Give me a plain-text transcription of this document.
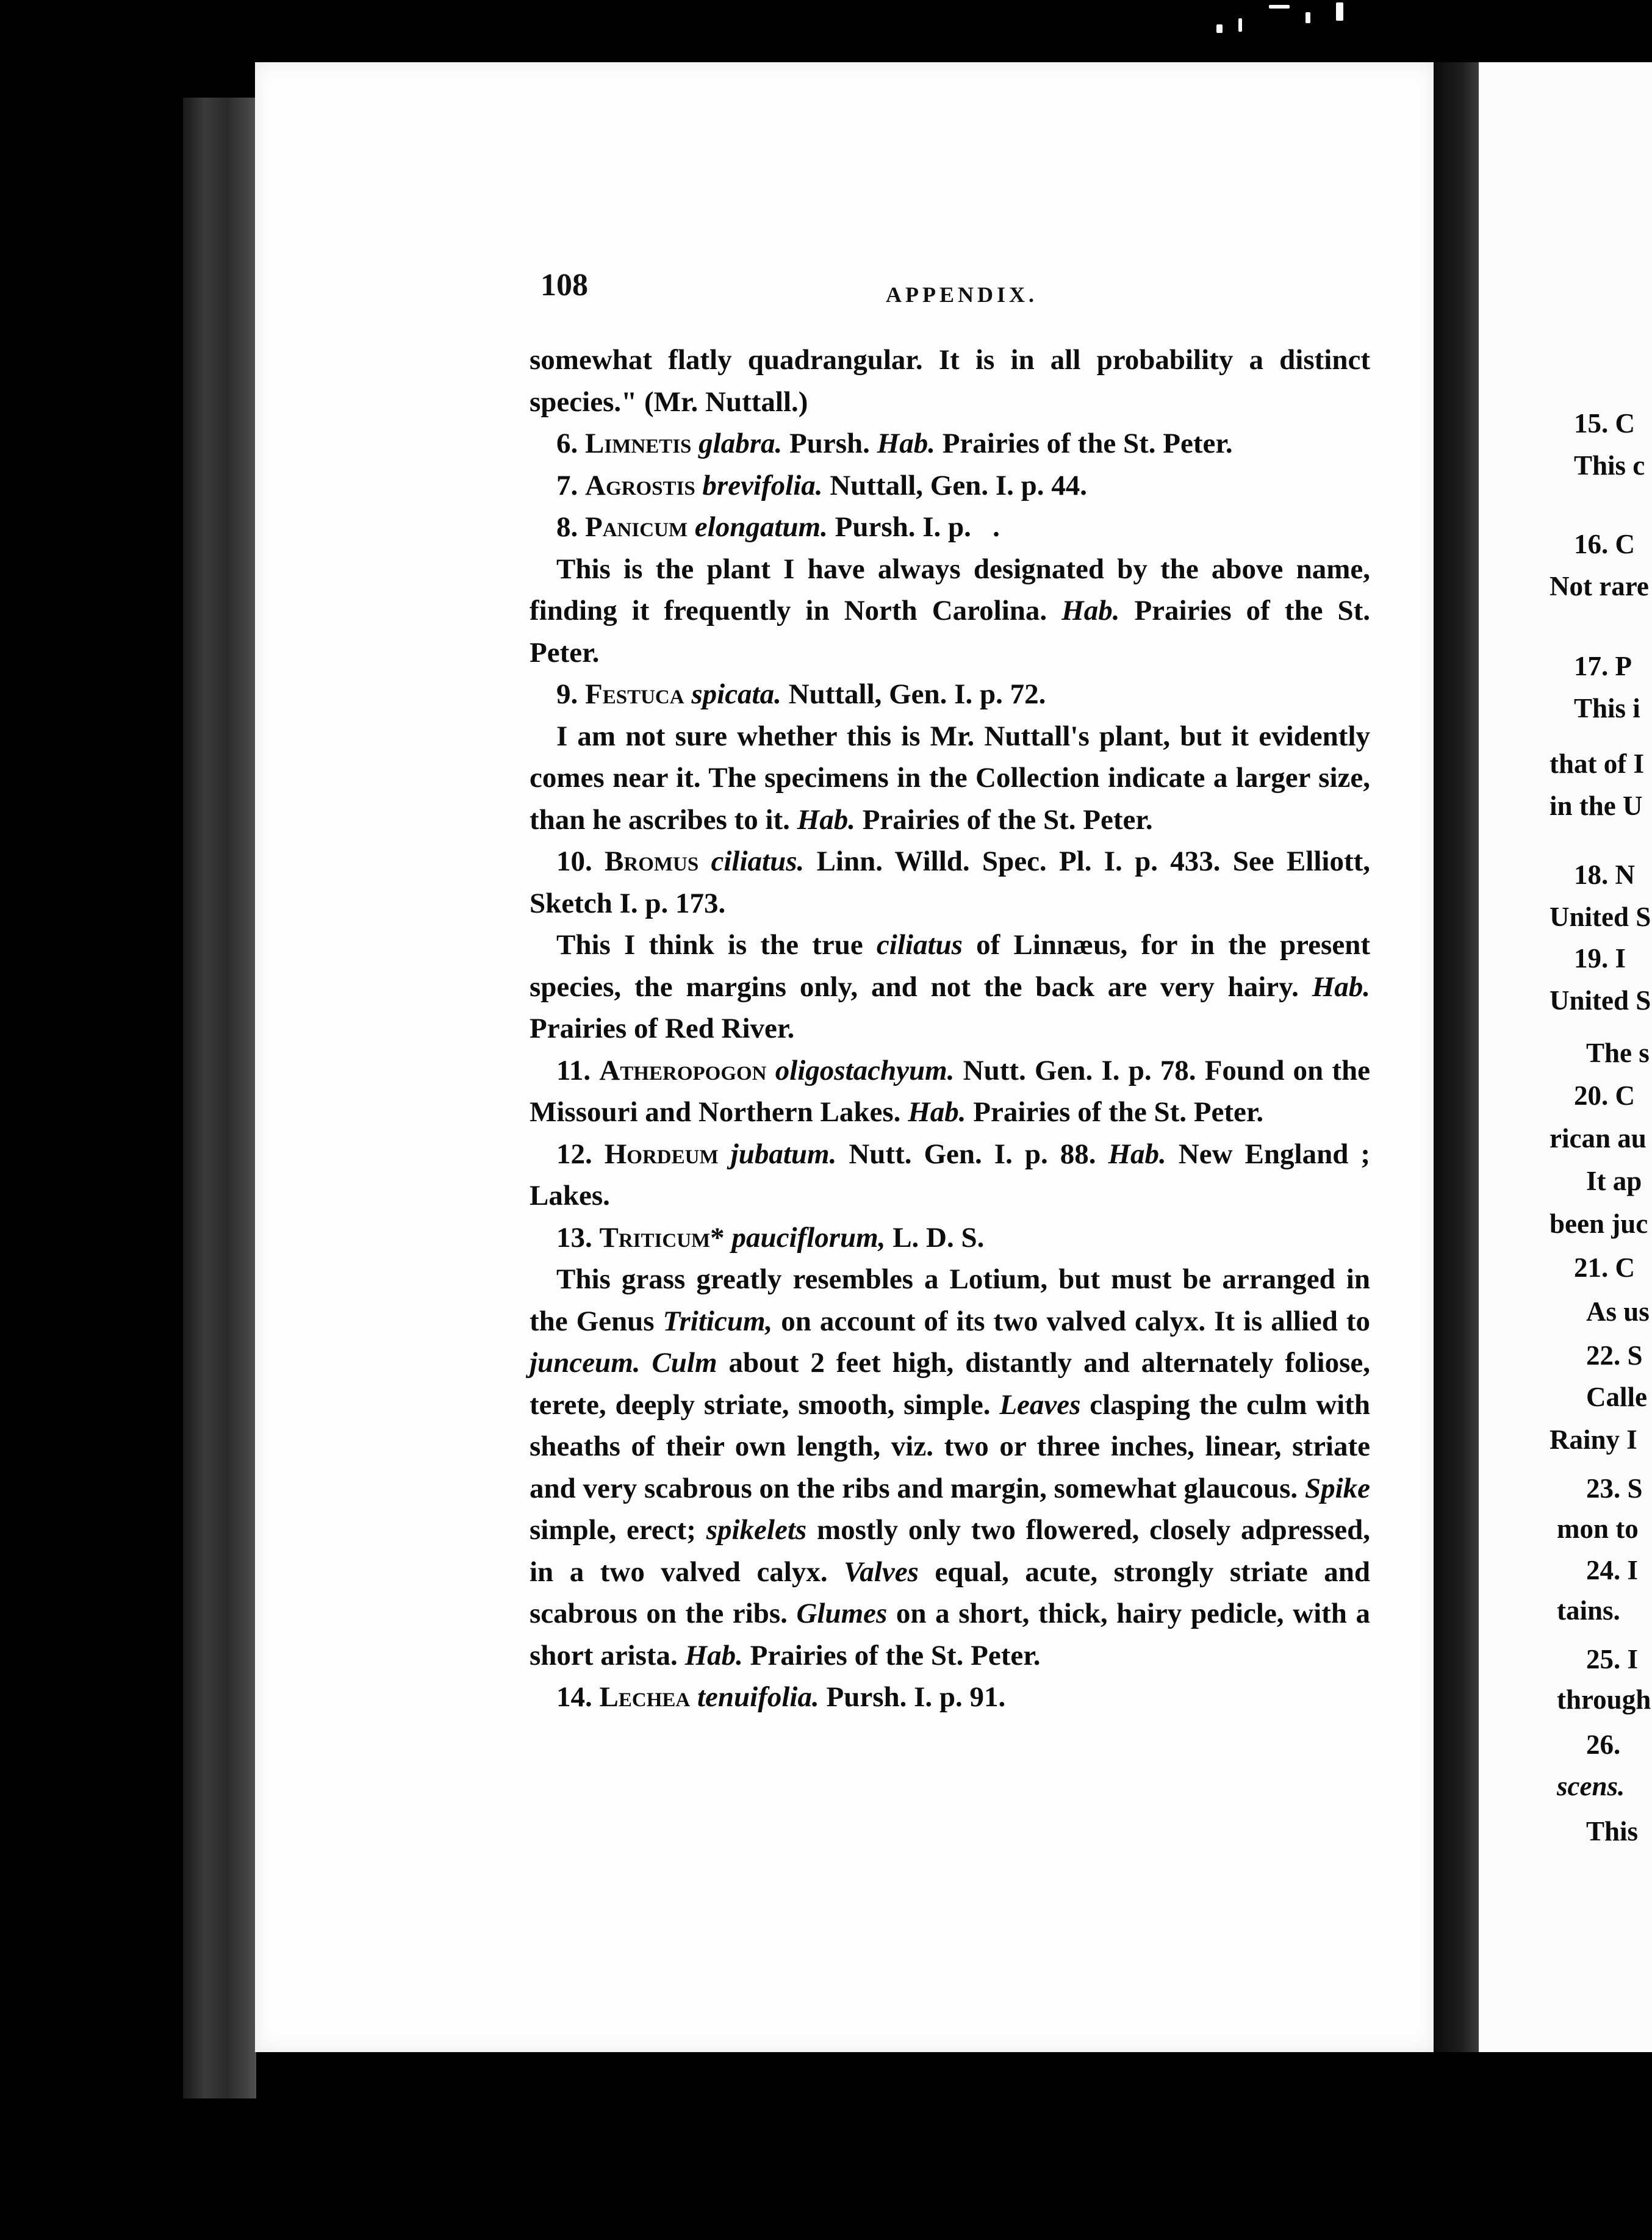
108	APPENDIX.

somewhat flatly quadrangular. It is in all probability a distinct species." (Mr. Nuttall.)

6. Limnetis glabra. Pursh. Hab. Prairies of the St. Peter.

7. Agrostis brevifolia. Nuttall, Gen. I. p. 44.

8. Panicum elongatum. Pursh. I. p.   .

This is the plant I have always designated by the above name, finding it frequently in North Carolina. Hab. Prairies of the St. Peter.

9. Festuca spicata. Nuttall, Gen. I. p. 72.

I am not sure whether this is Mr. Nuttall's plant, but it evidently comes near it. The specimens in the Collection indicate a larger size, than he ascribes to it. Hab. Prairies of the St. Peter.

10. Bromus ciliatus. Linn. Willd. Spec. Pl. I. p. 433. See Elliott, Sketch I. p. 173.

This I think is the true ciliatus of Linnæus, for in the present species, the margins only, and not the back are very hairy. Hab. Prairies of Red River.

11. Atheropogon oligostachyum. Nutt. Gen. I. p. 78. Found on the Missouri and Northern Lakes. Hab. Prairies of the St. Peter.

12. Hordeum jubatum. Nutt. Gen. I. p. 88. Hab. New England ; Lakes.

13. Triticum* pauciflorum, L. D. S.

This grass greatly resembles a Lotium, but must be arranged in the Genus Triticum, on account of its two valved calyx. It is allied to junceum. Culm about 2 feet high, distantly and alternately foliose, terete, deeply striate, smooth, simple. Leaves clasping the culm with sheaths of their own length, viz. two or three inches, linear, striate and very scabrous on the ribs and margin, somewhat glaucous. Spike simple, erect; spikelets mostly only two flowered, closely adpressed, in a two valved calyx. Valves equal, acute, strongly striate and scabrous on the ribs. Glumes on a short, thick, hairy pedicle, with a short arista. Hab. Prairies of the St. Peter.

14. Lechea tenuifolia. Pursh. I. p. 91.

15. C
This c
16. C
Not rare
17. P
This i
that of I
in the U
18. N
United S
19. I
United S
The s
20. C
rican au
It ap
been juc
21. C
As us
22. S
Calle
Rainy I
23. S
mon to
24. I
tains.
25. I
through
26.
scens.
This
